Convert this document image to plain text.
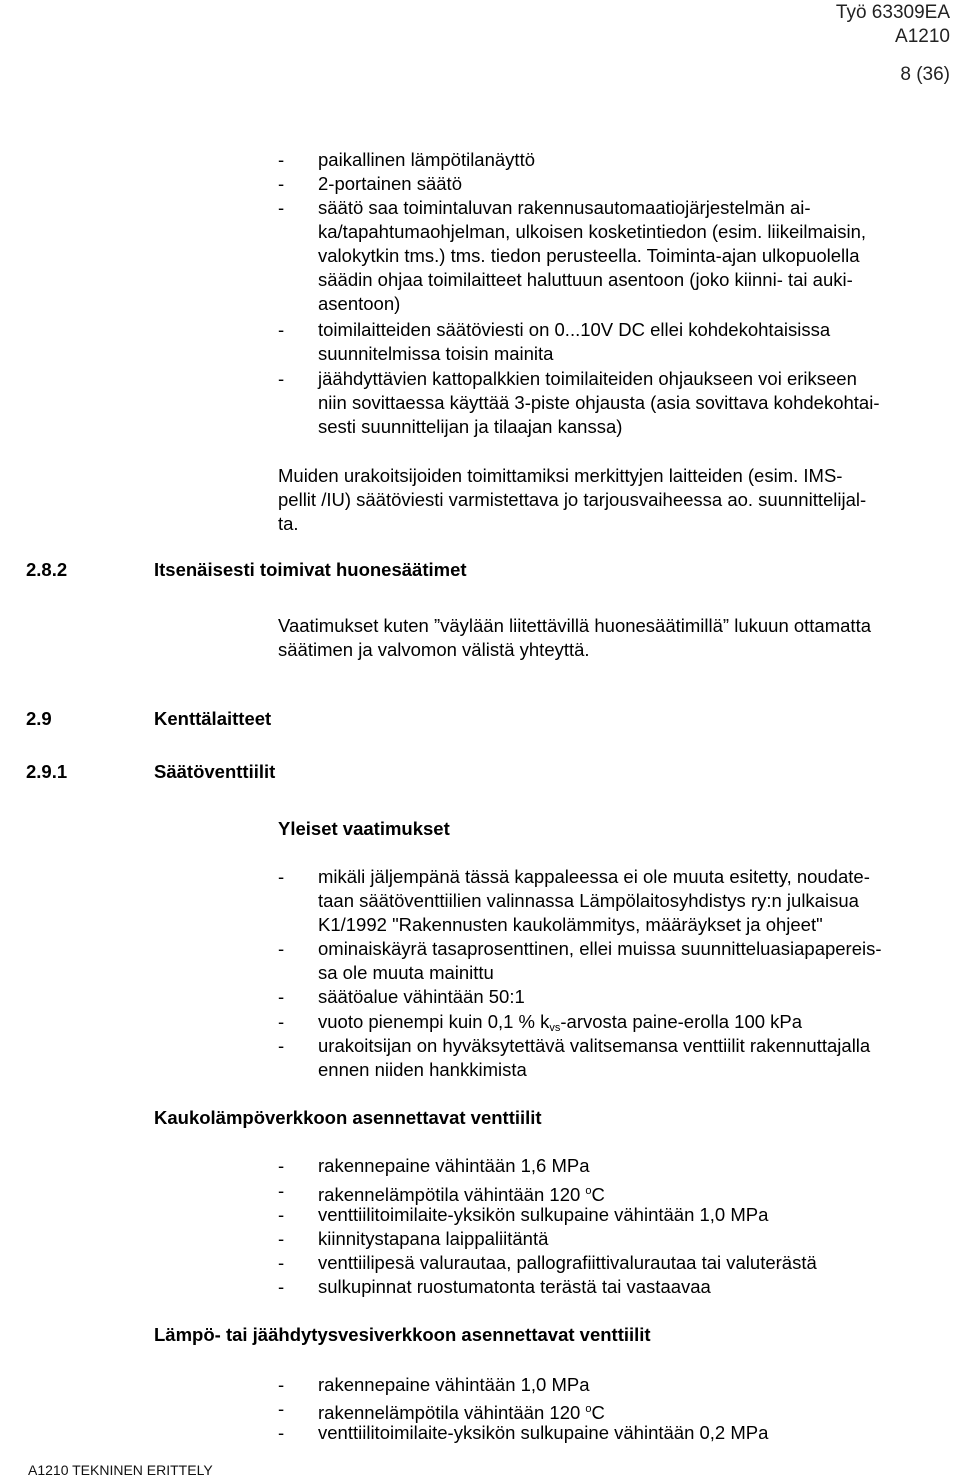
Työ 63309EA
A1210
8 (36)
- paikallinen lämpötilanäyttö
- 2-portainen säätö
- säätö saa toimintaluvan rakennusautomaatiojärjestelmän ai-
ka/tapahtumaohjelman, ulkoisen kosketintiedon (esim. liikeilmaisin,
valokytkin tms.) tms. tiedon perusteella. Toiminta-ajan ulkopuolella
säädin ohjaa toimilaitteet haluttuun asentoon (joko kiinni- tai auki-
asentoon)
- toimilaitteiden säätöviesti on 0...10V DC ellei kohdekohtaisissa
suunnitelmissa toisin mainita
- jäähdyttävien kattopalkkien toimilaiteiden ohjaukseen voi erikseen
niin sovittaessa käyttää 3-piste ohjausta (asia sovittava kohdekohtai-
sesti suunnittelijan ja tilaajan kanssa)
Muiden urakoitsijoiden toimittamiksi merkittyjen laitteiden (esim. IMS-
pellit /IU) säätöviesti varmistettava jo tarjousvaiheessa ao. suunnittelijal-
ta.
2.8.2	Itsenäisesti toimivat huonesäätimet
Vaatimukset kuten ”väylään liitettävillä huonesäätimillä” lukuun ottamatta
säätimen ja valvomon välistä yhteyttä.
2.9	Kenttälaitteet
2.9.1	Säätöventtiilit
Yleiset vaatimukset
- mikäli jäljempänä tässä kappaleessa ei ole muuta esitetty, noudate-
taan säätöventtiilien valinnassa Lämpölaitosyhdistys ry:n julkaisua
K1/1992 "Rakennusten kaukolämmitys, määräykset ja ohjeet"
- ominaiskäyrä tasaprosenttinen, ellei muissa suunnitteluasiapapereis-
sa ole muuta mainittu
- säätöalue vähintään 50:1
- vuoto pienempi kuin 0,1 % $k_{vs}$-arvosta paine-erolla 100 kPa
- urakoitsijan on hyväksytettävä valitsemansa venttiilit rakennuttajalla
ennen niiden hankkimista
Kaukolämpöverkkoon asennettavat venttiilit
- rakennepaine vähintään 1,6 MPa
- rakennelämpötila vähintään 120 $^o$C
- venttiilitoimilaite-yksikön sulkupaine vähintään 1,0 MPa
- kiinnitystapana laippaliitäntä
- venttiilipesä valurautaa, pallografiittivalurautaa tai valuterästä
- sulkupinnat ruostumatonta terästä tai vastaavaa
Lämpö- tai jäähdytysvesiverkkoon asennettavat venttiilit
- rakennepaine vähintään 1,0 MPa
- rakennelämpötila vähintään 120 $^o$C
- venttiilitoimilaite-yksikön sulkupaine vähintään 0,2 MPa
A1210 TEKNINEN ERITTELY
